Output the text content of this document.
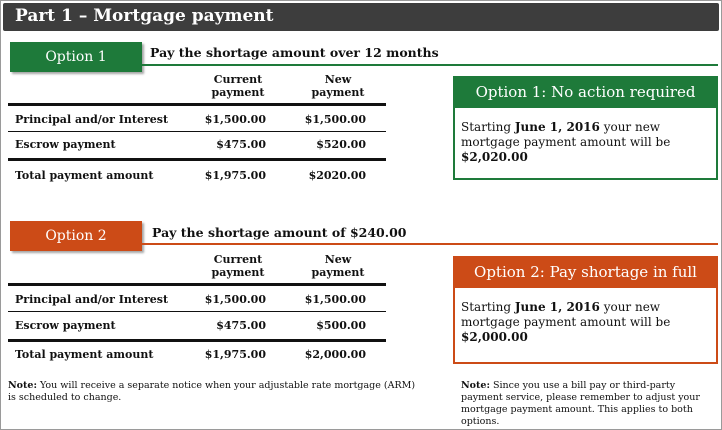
Part 1 – Mortgage payment
Option 1	Pay the shortage amount over 12 months
Current payment
New payment
Principal and/or Interest	$1,500.00	$1,500.00
Escrow payment	$475.00	$520.00
Total payment amount	$1,975.00	$2020.00
Option 1: No action required
Starting June 1, 2016 your new mortgage payment amount will be $2,020.00
Option 2	Pay the shortage amount of $240.00
Current payment
New payment
Principal and/or Interest	$1,500.00	$1,500.00
Escrow payment	$475.00	$500.00
Total payment amount	$1,975.00	$2,000.00
Option 2: Pay shortage in full
Starting June 1, 2016 your new mortgage payment amount will be $2,000.00
Note: You will receive a separate notice when your adjustable rate mortgage (ARM) is scheduled to change.
Note: Since you use a bill pay or third-party payment service, please remember to adjust your mortgage payment amount. This applies to both options.
